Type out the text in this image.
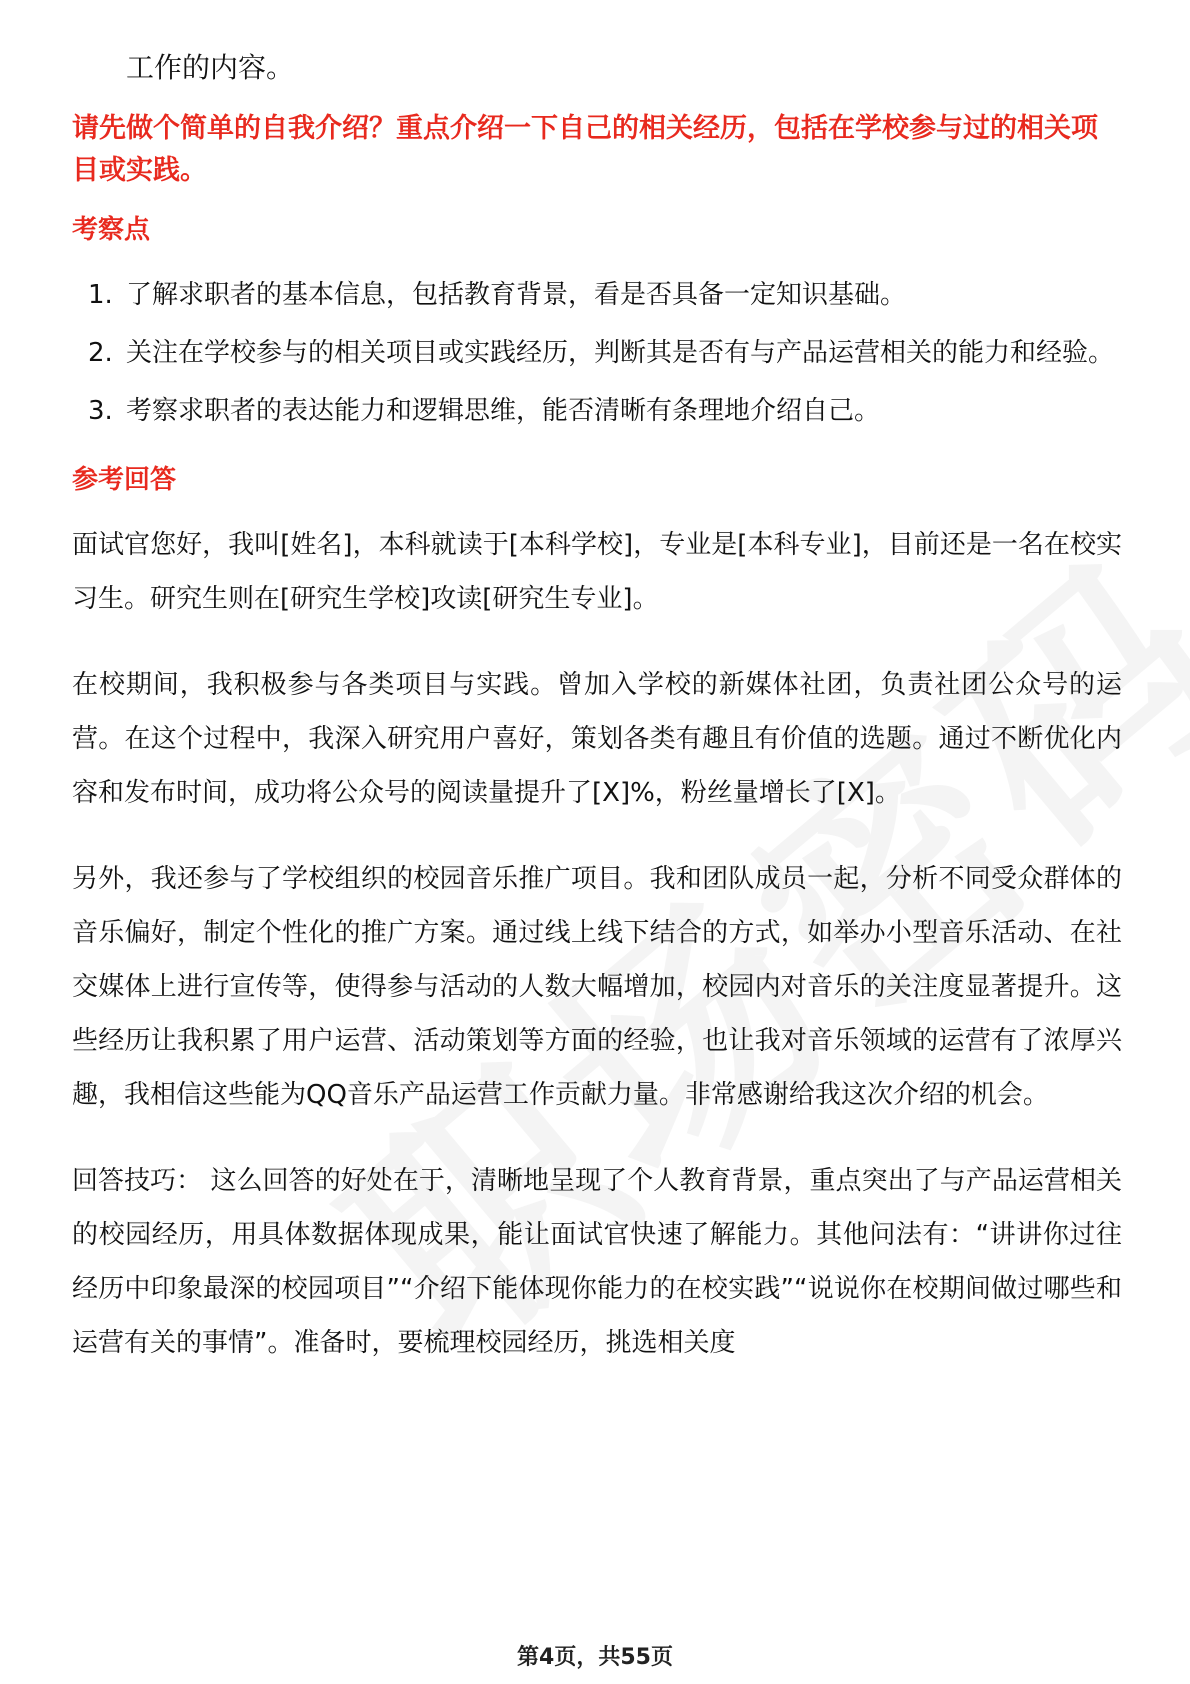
工作的内容。

请先做个简单的自我介绍？重点介绍一下自己的相关经历，包括在学校参与过的相关项目或实践。

考察点
1. 了解求职者的基本信息，包括教育背景，看是否具备一定知识基础。
2. 关注在学校参与的相关项目或实践经历，判断其是否有与产品运营相关的能力和经验。
3. 考察求职者的表达能力和逻辑思维，能否清晰有条理地介绍自己。
参考回答

面试官您好，我叫[姓名]，本科就读于[本科学校]，专业是[本科专业]，目前还是一名在校实习生。研究生则在[研究生学校]攻读[研究生专业]。

在校期间，我积极参与各类项目与实践。曾加入学校的新媒体社团，负责社团公众号的运营。在这个过程中，我深入研究用户喜好，策划各类有趣且有价值的选题。通过不断优化内容和发布时间，成功将公众号的阅读量提升了[X]%，粉丝量增长了[X]。

另外，我还参与了学校组织的校园音乐推广项目。我和团队成员一起，分析不同受众群体的音乐偏好，制定个性化的推广方案。通过线上线下结合的方式，如举办小型音乐活动、在社交媒体上进行宣传等，使得参与活动的人数大幅增加，校园内对音乐的关注度显著提升。这些经历让我积累了用户运营、活动策划等方面的经验，也让我对音乐领域的运营有了浓厚兴趣，我相信这些能为QQ音乐产品运营工作贡献力量。非常感谢给我这次介绍的机会。

回答技巧： 这么回答的好处在于，清晰地呈现了个人教育背景，重点突出了与产品运营相关的校园经历，用具体数据体现成果，能让面试官快速了解能力。其他问法有：“讲讲你过往经历中印象最深的校园项目”“介绍下能体现你能力的在校实践”“说说你在校期间做过哪些和运营有关的事情”。准备时，要梳理校园经历，挑选相关度

第4页，共55页
